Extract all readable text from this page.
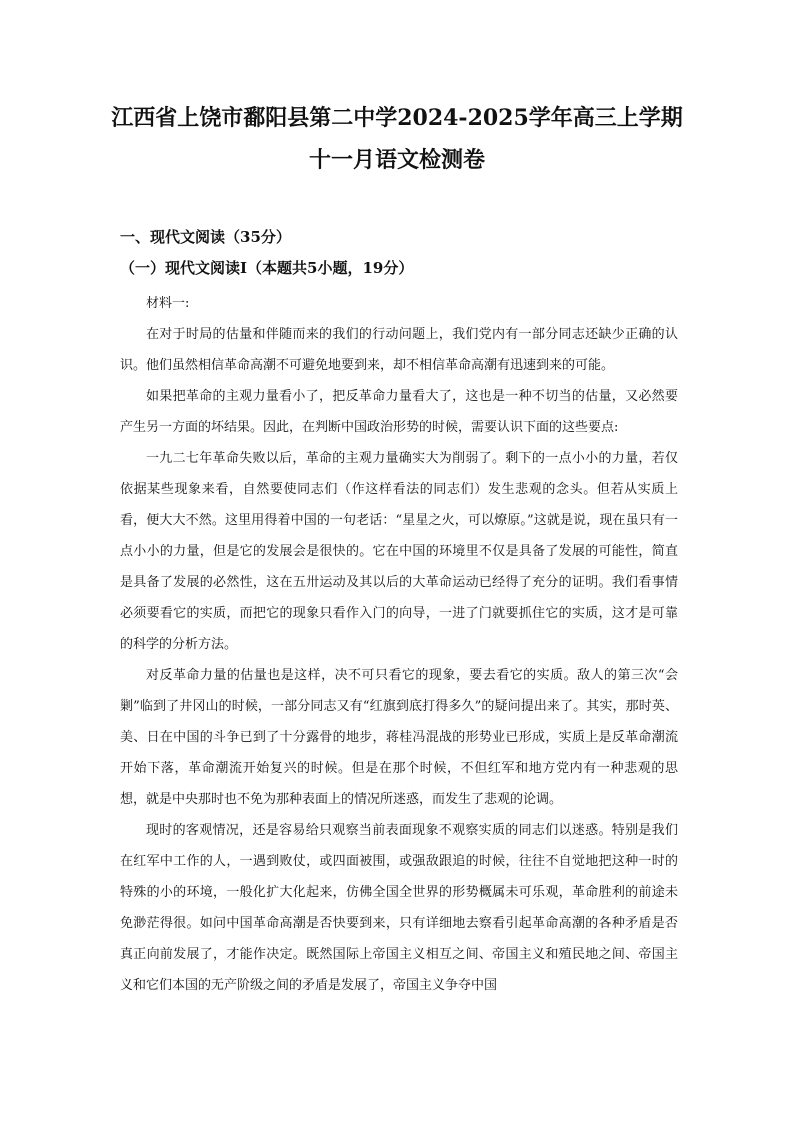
江西省上饶市鄱阳县第二中学2024-2025学年高三上学期
十一月语文检测卷
一、现代文阅读（35分）
（一）现代文阅读Ⅰ（本题共5小题，19分）

材料一:

在对于时局的估量和伴随而来的我们的行动问题上，我们党内有一部分同志还缺少正确的认识。他们虽然相信革命高潮不可避免地要到来，却不相信革命高潮有迅速到来的可能。

如果把革命的主观力量看小了，把反革命力量看大了，这也是一种不切当的估量，又必然要产生另一方面的坏结果。因此，在判断中国政治形势的时候，需要认识下面的这些要点:

一九二七年革命失败以后，革命的主观力量确实大为削弱了。剩下的一点小小的力量，若仅依据某些现象来看，自然要使同志们（作这样看法的同志们）发生悲观的念头。但若从实质上看，便大大不然。这里用得着中国的一句老话：“星星之火，可以燎原。”这就是说，现在虽只有一点小小的力量，但是它的发展会是很快的。它在中国的环境里不仅是具备了发展的可能性，简直是具备了发展的必然性，这在五卅运动及其以后的大革命运动已经得了充分的证明。我们看事情必须要看它的实质，而把它的现象只看作入门的向导，一进了门就要抓住它的实质，这才是可靠的科学的分析方法。

对反革命力量的估量也是这样，决不可只看它的现象，要去看它的实质。敌人的第三次“会剿”临到了井冈山的时候，一部分同志又有“红旗到底打得多久”的疑问提出来了。其实，那时英、美、日在中国的斗争已到了十分露骨的地步，蒋桂冯混战的形势业已形成，实质上是反革命潮流开始下落，革命潮流开始复兴的时候。但是在那个时候，不但红军和地方党内有一种悲观的思想，就是中央那时也不免为那种表面上的情况所迷惑，而发生了悲观的论调。

现时的客观情况，还是容易给只观察当前表面现象不观察实质的同志们以迷惑。特别是我们在红军中工作的人，一遇到败仗，或四面被围，或强敌跟追的时候，往往不自觉地把这种一时的特殊的小的环境，一般化扩大化起来，仿佛全国全世界的形势概属未可乐观，革命胜利的前途未免渺茫得很。如问中国革命高潮是否快要到来，只有详细地去察看引起革命高潮的各种矛盾是否真正向前发展了，才能作决定。既然国际上帝国主义相互之间、帝国主义和殖民地之间、帝国主义和它们本国的无产阶级之间的矛盾是发展了，帝国主义争夺中国
